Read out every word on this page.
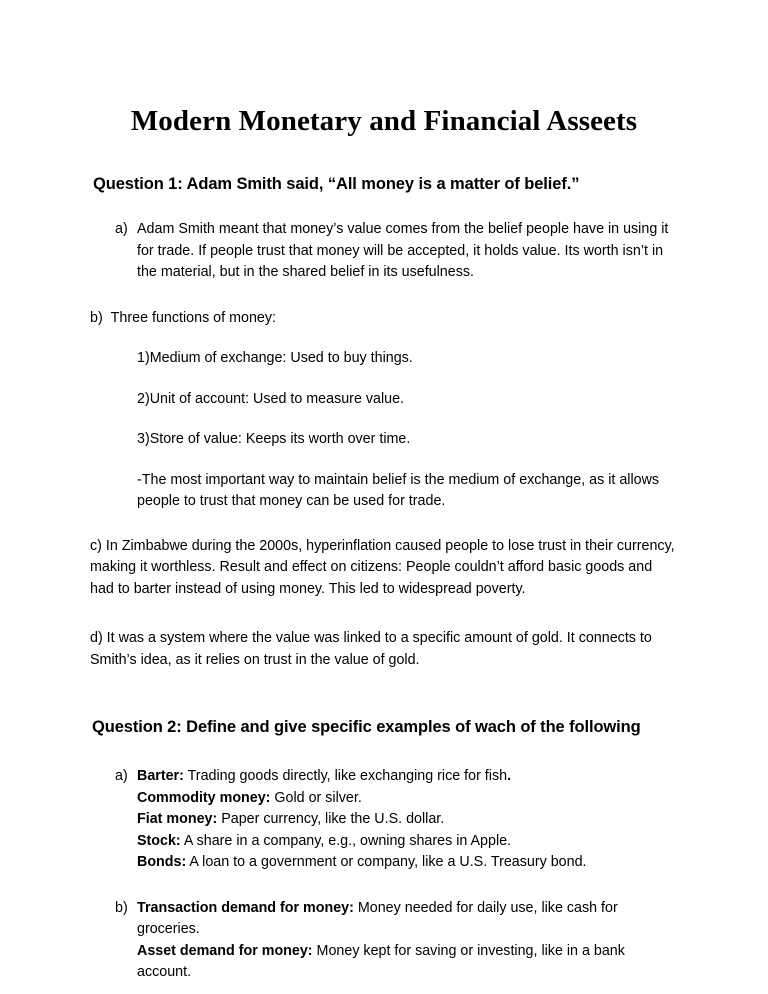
Modern Monetary and Financial Asseets
Question 1: Adam Smith said, “All money is a matter of belief.”
a) Adam Smith meant that money’s value comes from the belief people have in using it for trade. If people trust that money will be accepted, it holds value. Its worth isn’t in the material, but in the shared belief in its usefulness.
b) Three functions of money:
1)Medium of exchange: Used to buy things.
2)Unit of account: Used to measure value.
3)Store of value: Keeps its worth over time.
-The most important way to maintain belief is the medium of exchange, as it allows people to trust that money can be used for trade.
c) In Zimbabwe during the 2000s, hyperinflation caused people to lose trust in their currency, making it worthless. Result and effect on citizens: People couldn’t afford basic goods and had to barter instead of using money. This led to widespread poverty.
d) It was a system where the value was linked to a specific amount of gold. It connects to Smith’s idea, as it relies on trust in the value of gold.
Question 2: Define and give specific examples of wach of the following
a) Barter: Trading goods directly, like exchanging rice for fish.
Commodity money: Gold or silver.
Fiat money: Paper currency, like the U.S. dollar.
Stock: A share in a company, e.g., owning shares in Apple.
Bonds: A loan to a government or company, like a U.S. Treasury bond.
b) Transaction demand for money: Money needed for daily use, like cash for groceries.
Asset demand for money: Money kept for saving or investing, like in a bank account.
